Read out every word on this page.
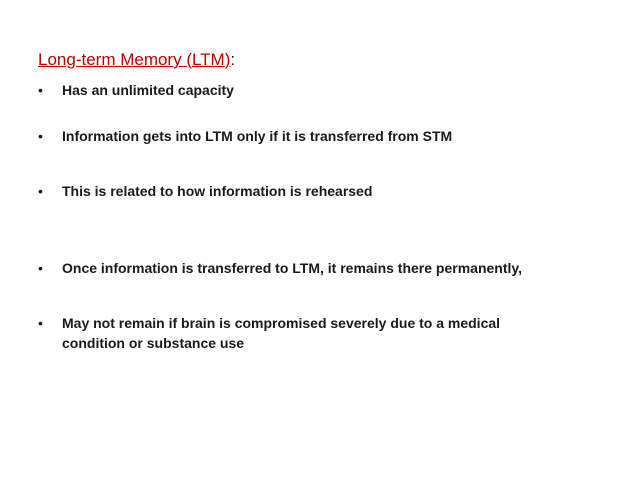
Long-term Memory (LTM):
•	Has an unlimited capacity
•	Information gets into LTM only if it is transferred from STM
•	This is related to how information is rehearsed
•	Once information is transferred to LTM, it remains there permanently,
•	May not remain if brain is compromised severely due to a medical condition or substance use
